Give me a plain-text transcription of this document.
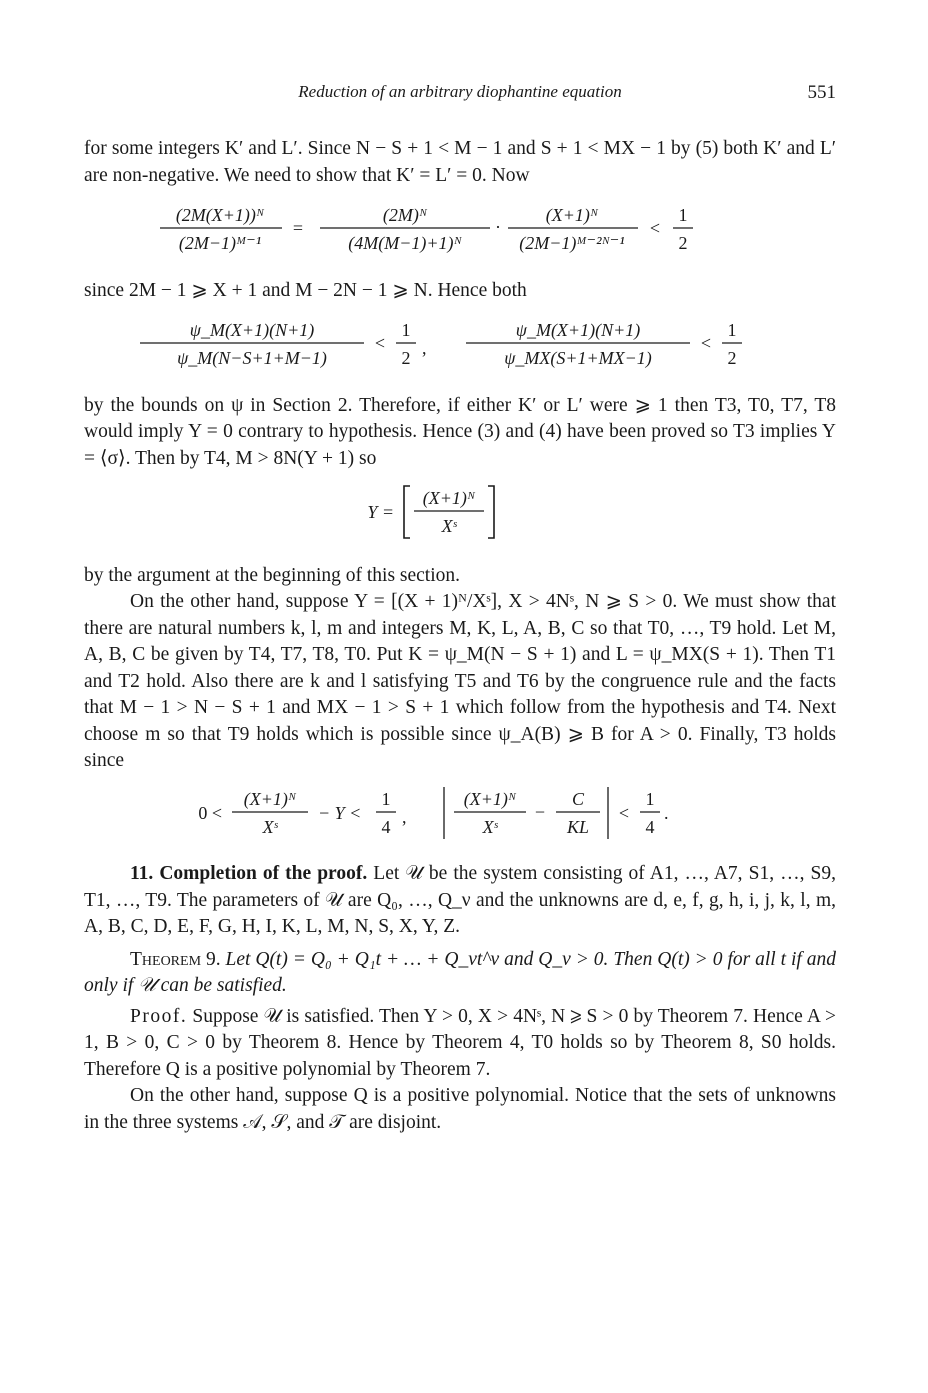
Reduction of an arbitrary diophantine equation	551

for some integers K′ and L′. Since N − S + 1 < M − 1 and S + 1 < MX − 1 by (5) both K′ and L′ are non-negative. We need to show that K′ = L′ = 0. Now

(2M(X+1))ᴺ
(2M−1)ᴹ⁻¹
=
(2M)ᴺ
(4M(M−1)+1)ᴺ
·
(X+1)ᴺ
(2M−1)ᴹ⁻²ᴺ⁻¹
<
1
2

since 2M − 1 ⩾ X + 1 and M − 2N − 1 ⩾ N. Hence both

ψ_M(X+1)(N+1)
ψ_M(N−S+1+M−1)
<
1
2 ,
ψ_M(X+1)(N+1)
ψ_MX(S+1+MX−1)
<
1
2

by the bounds on ψ in Section 2. Therefore, if either K′ or L′ were ⩾ 1 then T3, T0, T7, T8 would imply Y = 0 contrary to hypothesis. Hence (3) and (4) have been proved so T3 implies Y = ⟨σ⟩. Then by T4, M > 8N(Y + 1) so

Y =
(X+1)ᴺ
Xˢ

by the argument at the beginning of this section.

On the other hand, suppose Y = [(X + 1)ᴺ/Xˢ], X > 4Nˢ, N ⩾ S > 0. We must show that there are natural numbers k, l, m and integers M, K, L, A, B, C so that T0, …, T9 hold. Let M, A, B, C be given by T4, T7, T8, T0. Put K = ψ_M(N − S + 1) and L = ψ_MX(S + 1). Then T1 and T2 hold. Also there are k and l satisfying T5 and T6 by the congruence rule and the facts that M − 1 > N − S + 1 and MX − 1 > S + 1 which follow from the hypothesis and T4. Next choose m so that T9 holds which is possible since ψ_A(B) ⩾ B for A > 0. Finally, T3 holds since

0 <
(X+1)ᴺ
Xˢ
− Y <
1
4 ,
(X+1)ᴺ
Xˢ
−
C
KL
<
1
4
.

11. Completion of the proof. Let 𝒰 be the system consisting of A1, …, A7, S1, …, S9, T1, …, T9. The parameters of 𝒰 are Q₀, …, Q_ν and the unknowns are d, e, f, g, h, i, j, k, l, m, A, B, C, D, E, F, G, H, I, K, L, M, N, S, X, Y, Z.

Theorem 9. Let Q(t) = Q₀ + Q₁t + … + Q_νt^ν and Q_ν > 0. Then Q(t) > 0 for all t if and only if 𝒰 can be satisfied.

Proof. Suppose 𝒰 is satisfied. Then Y > 0, X > 4Nˢ, N ⩾ S > 0 by Theorem 7. Hence A > 1, B > 0, C > 0 by Theorem 8. Hence by Theorem 4, T0 holds so by Theorem 8, S0 holds. Therefore Q is a positive polynomial by Theorem 7.

On the other hand, suppose Q is a positive polynomial. Notice that the sets of unknowns in the three systems 𝒜, 𝒮, and 𝒯 are disjoint.
